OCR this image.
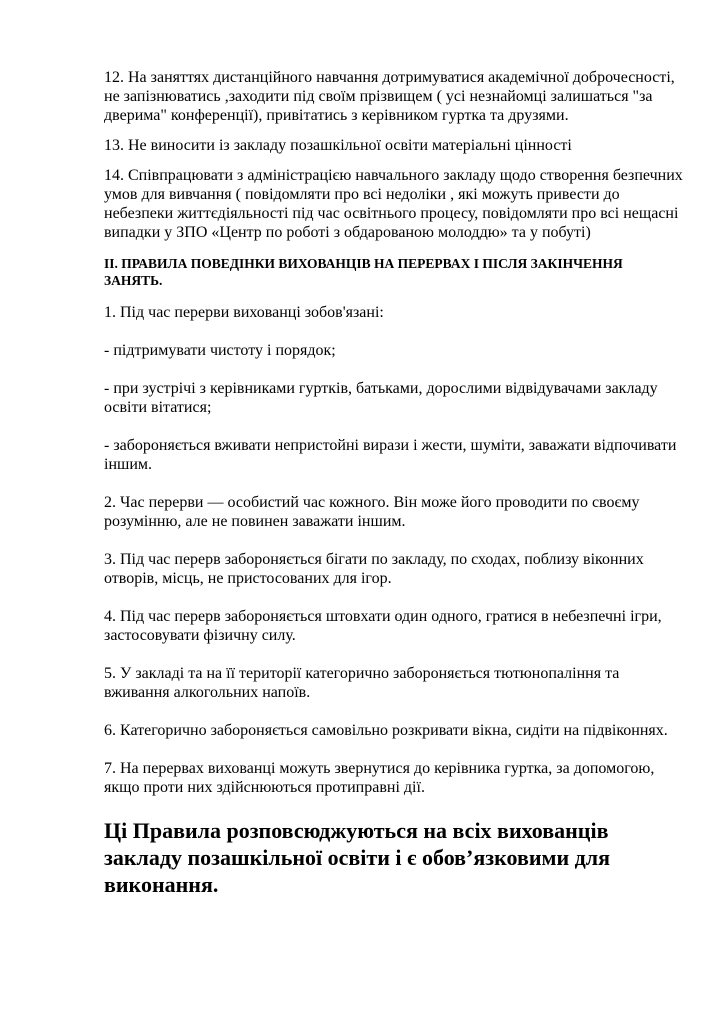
12. На заняттях дистанційного навчання дотримуватися академічної доброчесності, не запізнюватись ,заходити під своїм прізвищем ( усі незнайомці залишаться "за дверима" конференції), привітатись з керівником гуртка та друзями.

13. Не виносити із закладу позашкільної освіти матеріальні цінності

14. Співпрацювати з адміністрацією навчального закладу щодо створення безпечних умов для вивчання ( повідомляти про всі недоліки , які можуть привести до небезпеки життєдіяльності під час освітнього процесу, повідомляти про всі нещасні випадки у ЗПО «Центр по роботі з обдарованою молоддю» та у побуті)

ІІ. ПРАВИЛА ПОВЕДІНКИ ВИХОВАНЦІВ НА ПЕРЕРВАХ І ПІСЛЯ ЗАКІНЧЕННЯ ЗАНЯТЬ.

1. Під час перерви вихованці зобов'язані:

- підтримувати чистоту і порядок;

- при зустрічі з керівниками гуртків, батьками, дорослими відвідувачами закладу освіти вітатися;

- забороняється вживати непристойні вирази і жести, шуміти, заважати відпочивати іншим.

2. Час перерви — особистий час кожного. Він може його проводити по своєму розумінню, але не повинен заважати іншим.

3. Під час перерв забороняється бігати по закладу, по сходах, поблизу віконних отворів, місць, не пристосованих для ігор.

4. Під час перерв забороняється штовхати один одного, гратися в небезпечні ігри, застосовувати фізичну силу.

5. У закладі та на її території категорично забороняється тютюнопаління та вживання алкогольних напоїв.

6. Категорично забороняється самовільно розкривати вікна, сидіти на підвіконнях.

7. На перервах вихованці можуть звернутися до керівника гуртка, за допомогою, якщо проти них здійснюються протиправні дії.

Ці Правила розповсюджуються на всіх вихованців закладу позашкільної освіти і є обов’язковими для виконання.
